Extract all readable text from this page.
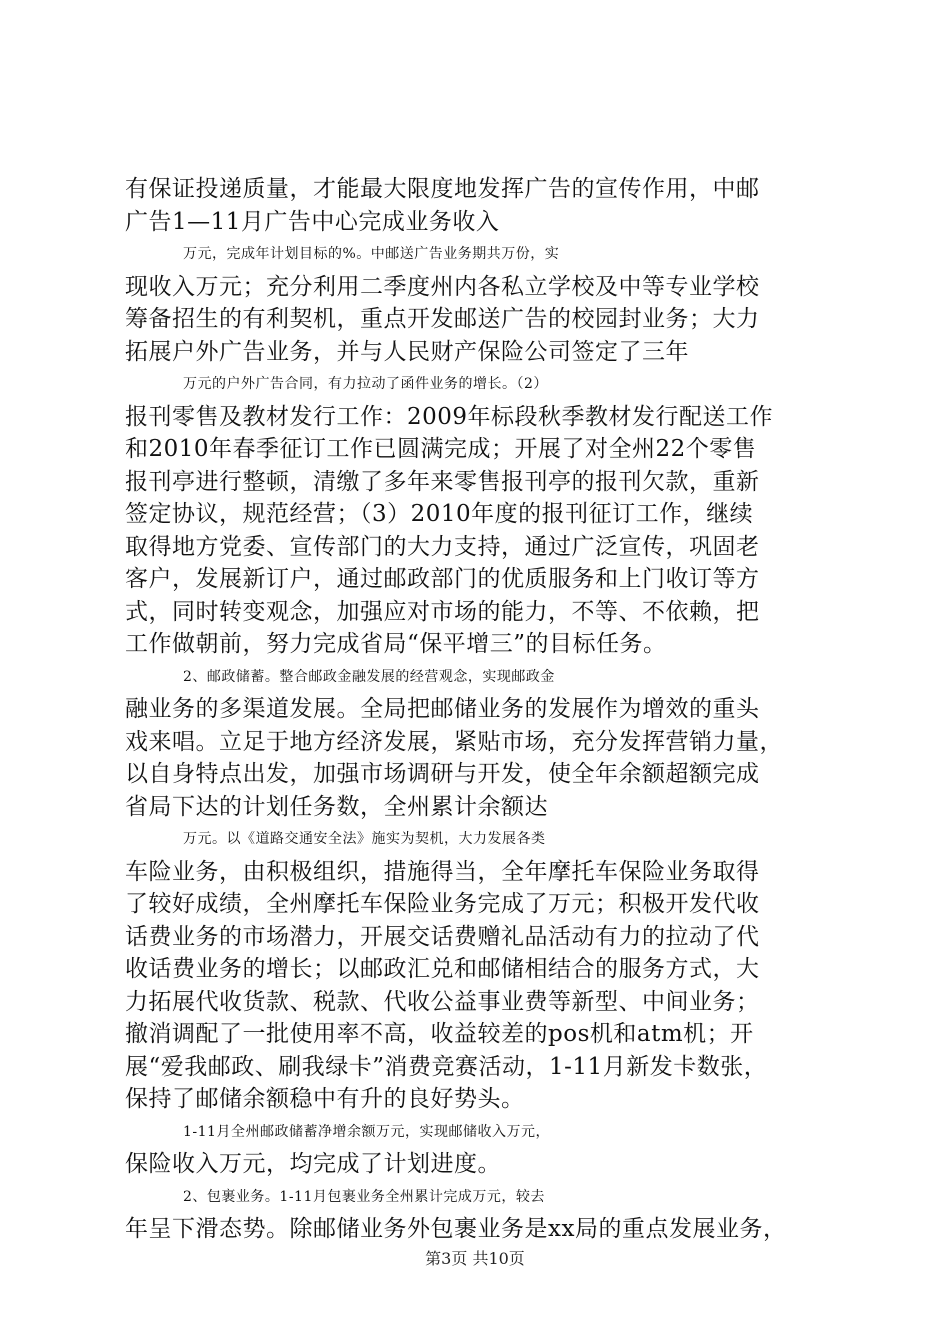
有保证投递质量，才能最大限度地发挥广告的宣传作用，中邮
广告1—11月广告中心完成业务收入
万元，完成年计划目标的%。中邮送广告业务期共万份，实
现收入万元；充分利用二季度州内各私立学校及中等专业学校
筹备招生的有利契机，重点开发邮送广告的校园封业务；大力
拓展户外广告业务，并与人民财产保险公司签定了三年
万元的户外广告合同，有力拉动了函件业务的增长。（2）
报刊零售及教材发行工作：2009年标段秋季教材发行配送工作
和2010年春季征订工作已圆满完成；开展了对全州22个零售
报刊亭进行整顿，清缴了多年来零售报刊亭的报刊欠款，重新
签定协议，规范经营；（3）2010年度的报刊征订工作，继续
取得地方党委、宣传部门的大力支持，通过广泛宣传，巩固老
客户，发展新订户，通过邮政部门的优质服务和上门收订等方
式，同时转变观念，加强应对市场的能力，不等、不依赖，把
工作做朝前，努力完成省局“保平增三”的目标任务。
2、邮政储蓄。整合邮政金融发展的经营观念，实现邮政金
融业务的多渠道发展。全局把邮储业务的发展作为增效的重头
戏来唱。立足于地方经济发展，紧贴市场，充分发挥营销力量，
以自身特点出发，加强市场调研与开发，使全年余额超额完成
省局下达的计划任务数，全州累计余额达
万元。以《道路交通安全法》施实为契机，大力发展各类
车险业务，由积极组织，措施得当，全年摩托车保险业务取得
了较好成绩，全州摩托车保险业务完成了万元；积极开发代收
话费业务的市场潜力，开展交话费赠礼品活动有力的拉动了代
收话费业务的增长；以邮政汇兑和邮储相结合的服务方式，大
力拓展代收货款、税款、代收公益事业费等新型、中间业务；
撤消调配了一批使用率不高，收益较差的pos机和atm机；开
展“爱我邮政、刷我绿卡”消费竞赛活动，1-11月新发卡数张，
保持了邮储余额稳中有升的良好势头。
1-11月全州邮政储蓄净增余额万元，实现邮储收入万元，
保险收入万元，均完成了计划进度。
2、包裹业务。1-11月包裹业务全州累计完成万元，较去
年呈下滑态势。除邮储业务外包裹业务是xx局的重点发展业务，
第3页 共10页
